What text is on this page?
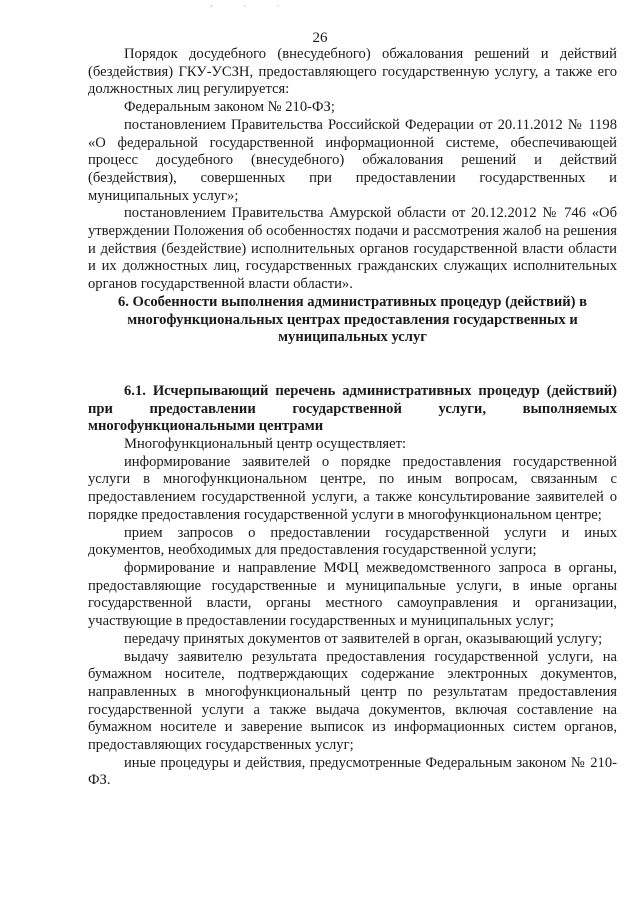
` ˙ ˙
26

Порядок досудебного (внесудебного) обжалования решений и действий (бездействия) ГКУ-УСЗН, предоставляющего государственную услугу, а также его должностных лиц регулируется:

Федеральным законом № 210-ФЗ;

постановлением Правительства Российской Федерации от 20.11.2012 № 1198 «О федеральной государственной информационной системе, обеспечивающей процесс досудебного (внесудебного) обжалования решений и действий (бездействия), совершенных при предоставлении государственных и муниципальных услуг»;

постановлением Правительства Амурской области от 20.12.2012 № 746 «Об утверждении Положения об особенностях подачи и рассмотрения жалоб на решения и действия (бездействие) исполнительных органов государственной власти области и их должностных лиц, государственных гражданских служащих исполнительных органов государственной власти области».

6. Особенности выполнения административных процедур (действий) в многофункциональных центрах предоставления государственных и муниципальных услуг
6.1. Исчерпывающий перечень административных процедур (действий) при предоставлении государственной услуги, выполняемых многофункциональными центрами

Многофункциональный центр осуществляет:

информирование заявителей о порядке предоставления государственной услуги в многофункциональном центре, по иным вопросам, связанным с предоставлением государственной услуги, а также консультирование заявителей о порядке предоставления государственной услуги в многофункциональном центре;

прием запросов о предоставлении государственной услуги и иных документов, необходимых для предоставления государственной услуги;

формирование и направление МФЦ межведомственного запроса в органы, предоставляющие государственные и муниципальные услуги, в иные органы государственной власти, органы местного самоуправления и организации, участвующие в предоставлении государственных и муниципальных услуг;

передачу принятых документов от заявителей в орган, оказывающий услугу;

выдачу заявителю результата предоставления государственной услуги, на бумажном носителе, подтверждающих содержание электронных документов, направленных в многофункциональный центр по результатам предоставления государственной услуги а также выдача документов, включая составление на бумажном носителе и заверение выписок из информационных систем органов, предоставляющих государственных услуг;

иные процедуры и действия, предусмотренные Федеральным законом № 210-ФЗ.
